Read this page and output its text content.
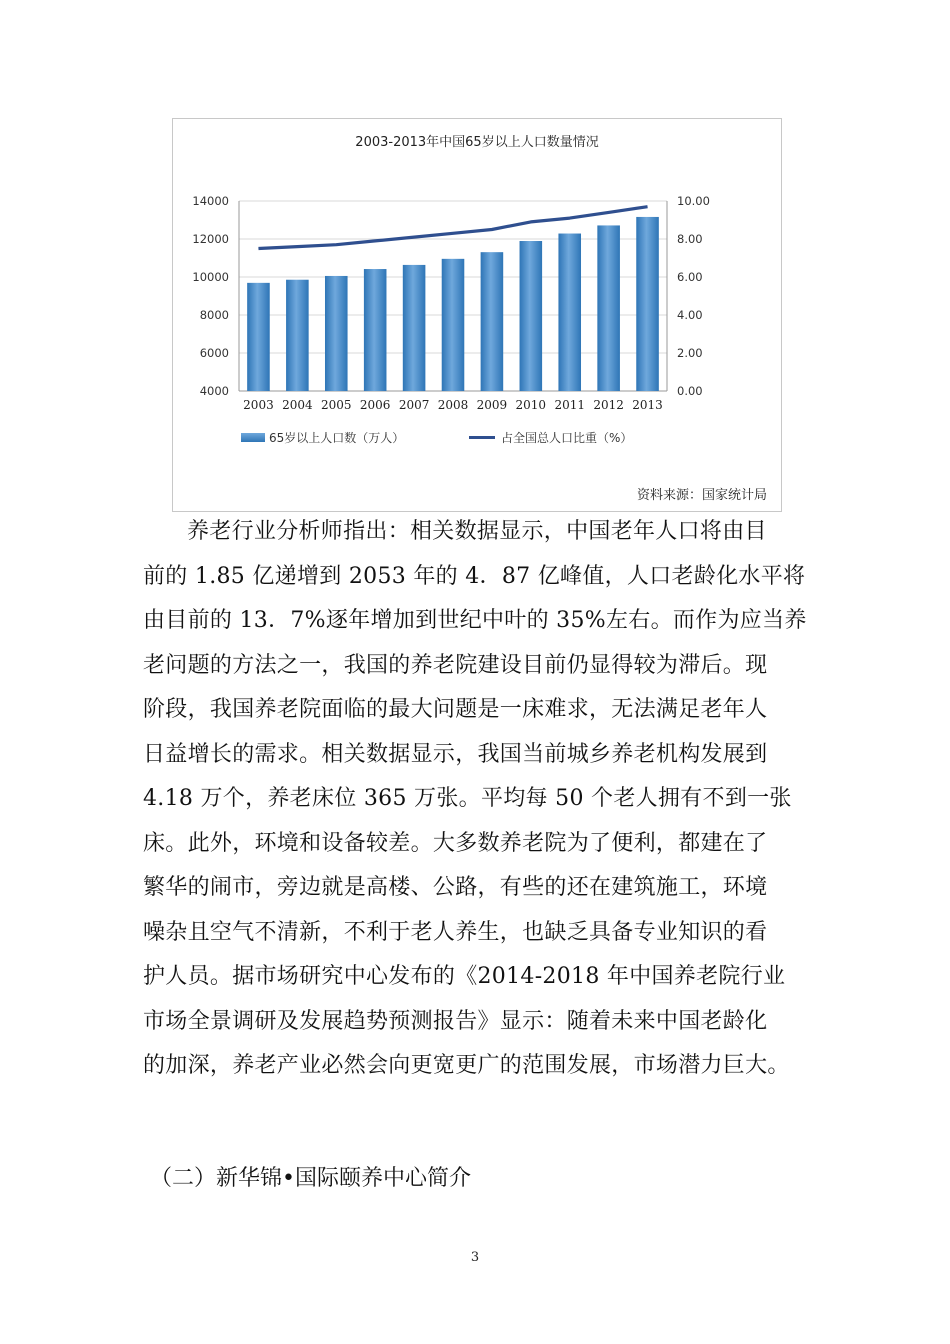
2003-2013年中国65岁以上人口数量情况
4000
6000
8000
10000
12000
14000
0.00
2.00
4.00
6.00
8.00
10.00
2003 2004 2005 2006 2007 2008 2009 2010 2011 2012 2013
65岁以上人口数（万人）	占全国总人口比重（%）
资料来源：国家统计局
养老行业分析师指出：相关数据显示，中国老年人口将由目
前的 1.85 亿递增到 2053 年的 4．87 亿峰值，人口老龄化水平将
由目前的 13．7%逐年增加到世纪中叶的 35%左右。而作为应当养
老问题的方法之一，我国的养老院建设目前仍显得较为滞后。现
阶段，我国养老院面临的最大问题是一床难求，无法满足老年人
日益增长的需求。相关数据显示，我国当前城乡养老机构发展到
4.18 万个，养老床位 365 万张。平均每 50 个老人拥有不到一张
床。此外，环境和设备较差。大多数养老院为了便利，都建在了
繁华的闹市，旁边就是高楼、公路，有些的还在建筑施工，环境
噪杂且空气不清新，不利于老人养生，也缺乏具备专业知识的看
护人员。据市场研究中心发布的《2014-2018 年中国养老院行业
市场全景调研及发展趋势预测报告》显示：随着未来中国老龄化
的加深，养老产业必然会向更宽更广的范围发展，市场潜力巨大。
（二）新华锦•国际颐养中心简介
3
